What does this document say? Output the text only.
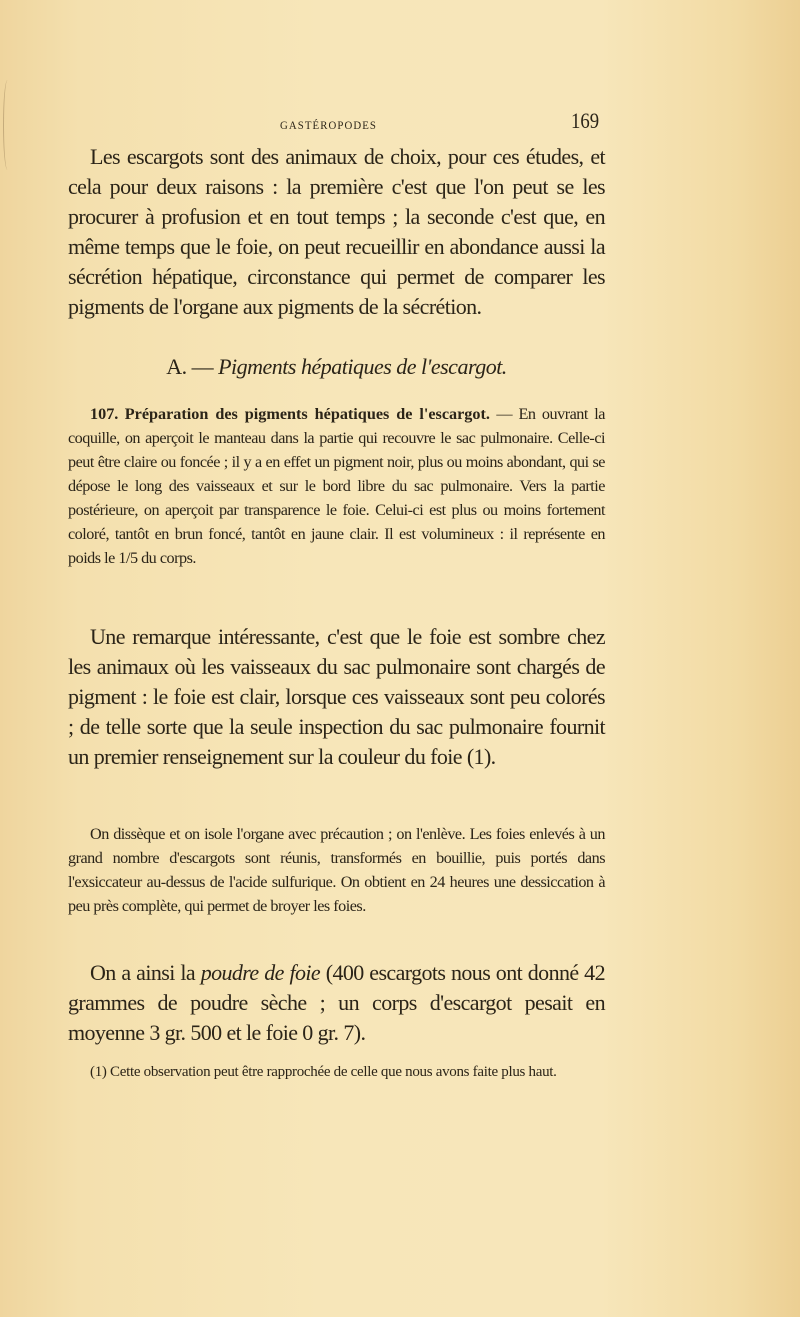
GASTÉROPODES	169

Les escargots sont des animaux de choix, pour ces études, et cela pour deux raisons : la première c'est que l'on peut se les procurer à profusion et en tout temps ; la seconde c'est que, en même temps que le foie, on peut recueillir en abondance aussi la sécrétion hépatique, circonstance qui permet de comparer les pigments de l'organe aux pigments de la sécrétion.

A. — Pigments hépatiques de l'escargot.

107. Préparation des pigments hépatiques de l'escargot. — En ouvrant la coquille, on aperçoit le manteau dans la partie qui recouvre le sac pulmonaire. Celle-ci peut être claire ou foncée ; il y a en effet un pigment noir, plus ou moins abondant, qui se dépose le long des vaisseaux et sur le bord libre du sac pulmonaire. Vers la partie postérieure, on aperçoit par transparence le foie. Celui-ci est plus ou moins fortement coloré, tantôt en brun foncé, tantôt en jaune clair. Il est volumineux : il représente en poids le 1/5 du corps.

Une remarque intéressante, c'est que le foie est sombre chez les animaux où les vaisseaux du sac pulmonaire sont chargés de pigment : le foie est clair, lorsque ces vaisseaux sont peu colorés ; de telle sorte que la seule inspection du sac pulmonaire fournit un premier renseignement sur la couleur du foie (1).

On dissèque et on isole l'organe avec précaution ; on l'enlève. Les foies enlevés à un grand nombre d'escargots sont réunis, transformés en bouillie, puis portés dans l'exsiccateur au-dessus de l'acide sulfurique. On obtient en 24 heures une dessiccation à peu près complète, qui permet de broyer les foies.

On a ainsi la poudre de foie (400 escargots nous ont donné 42 grammes de poudre sèche ; un corps d'escargot pesait en moyenne 3 gr. 500 et le foie 0 gr. 7).

(1) Cette observation peut être rapprochée de celle que nous avons faite plus haut.
